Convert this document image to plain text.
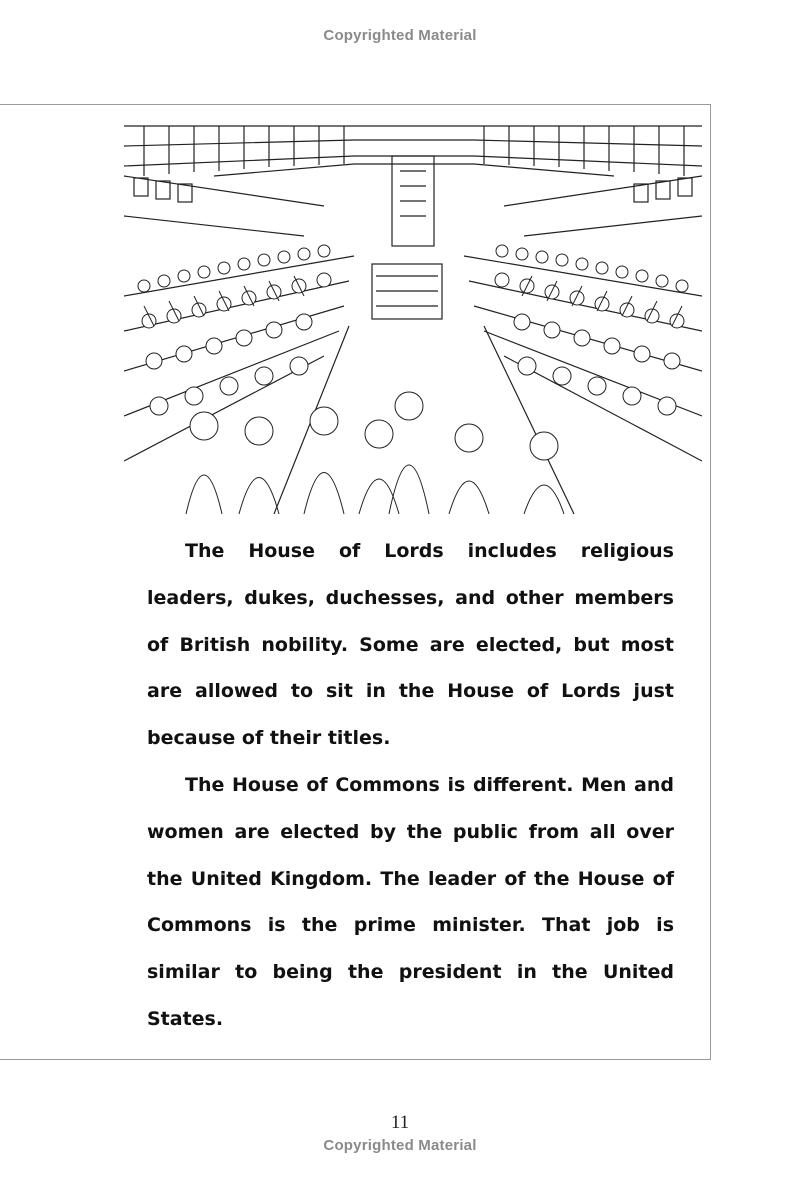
Copyrighted Material

The House of Lords includes religious leaders, dukes, duchesses, and other members of British nobility. Some are elected, but most are allowed to sit in the House of Lords just because of their titles.

The House of Commons is different. Men and women are elected by the public from all over the United Kingdom. The leader of the House of Commons is the prime minister. That job is similar to being the president in the United States.

11
Copyrighted Material
